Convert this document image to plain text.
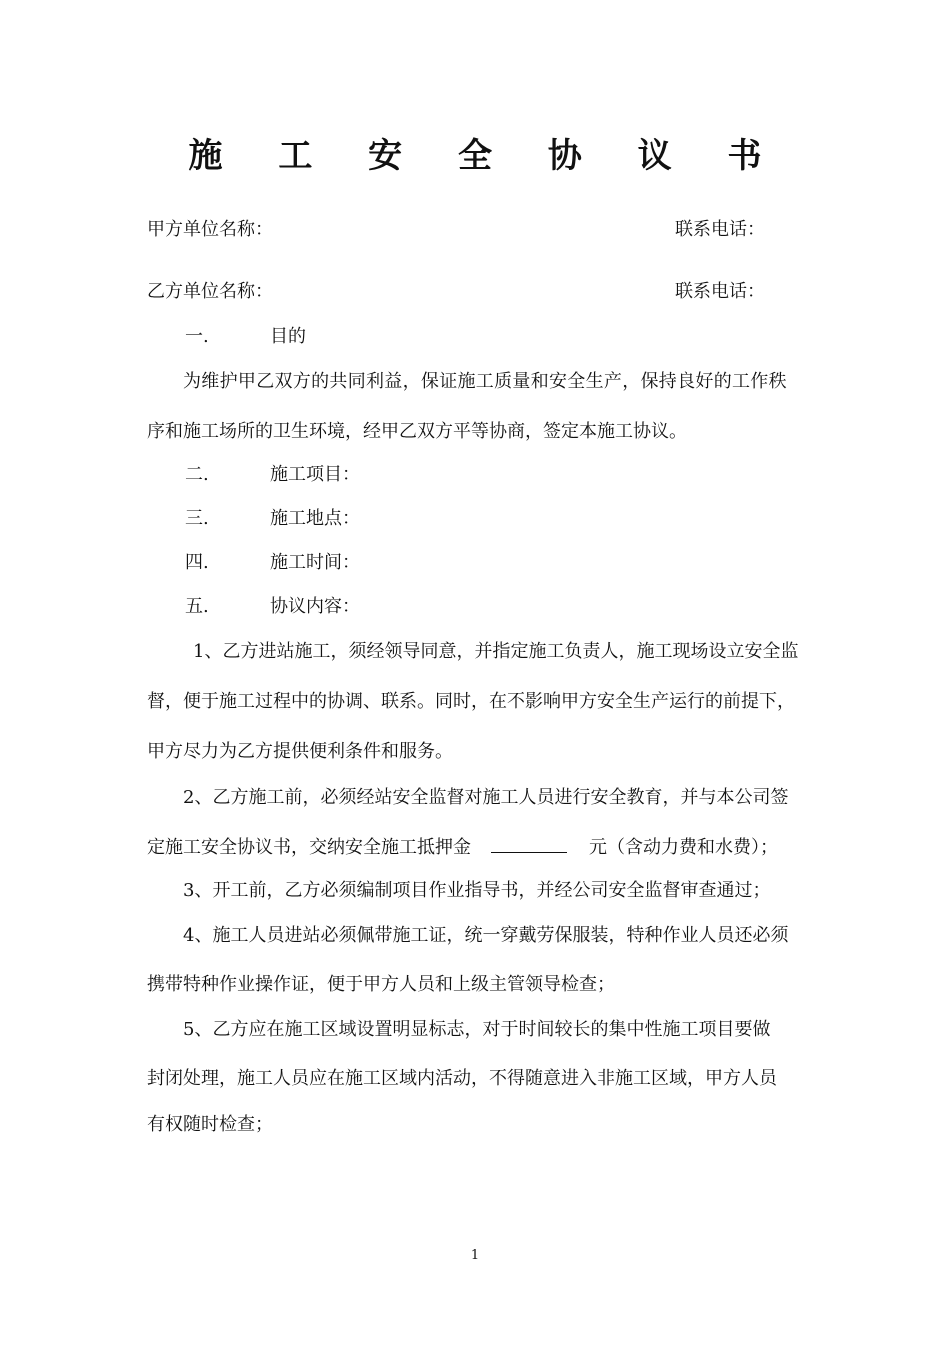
施 工 安 全 协 议 书
甲方单位名称：	联系电话：
乙方单位名称：	联系电话：
一.	目的
为维护甲乙双方的共同利益，保证施工质量和安全生产，保持良好的工作秩
序和施工场所的卫生环境，经甲乙双方平等协商，签定本施工协议。
二.	施工项目：
三.	施工地点：
四.	施工时间：
五.	协议内容：
1、乙方进站施工，须经领导同意，并指定施工负责人，施工现场设立安全监
督，便于施工过程中的协调、联系。同时，在不影响甲方安全生产运行的前提下，
甲方尽力为乙方提供便利条件和服务。
2、乙方施工前，必须经站安全监督对施工人员进行安全教育，并与本公司签
定施工安全协议书，交纳安全施工抵押金	元（含动力费和水费）；
3、开工前，乙方必须编制项目作业指导书，并经公司安全监督审查通过；
4、施工人员进站必须佩带施工证，统一穿戴劳保服装，特种作业人员还必须
携带特种作业操作证，便于甲方人员和上级主管领导检查；
5、乙方应在施工区域设置明显标志，对于时间较长的集中性施工项目要做
封闭处理，施工人员应在施工区域内活动，不得随意进入非施工区域，甲方人员
有权随时检查；
1
